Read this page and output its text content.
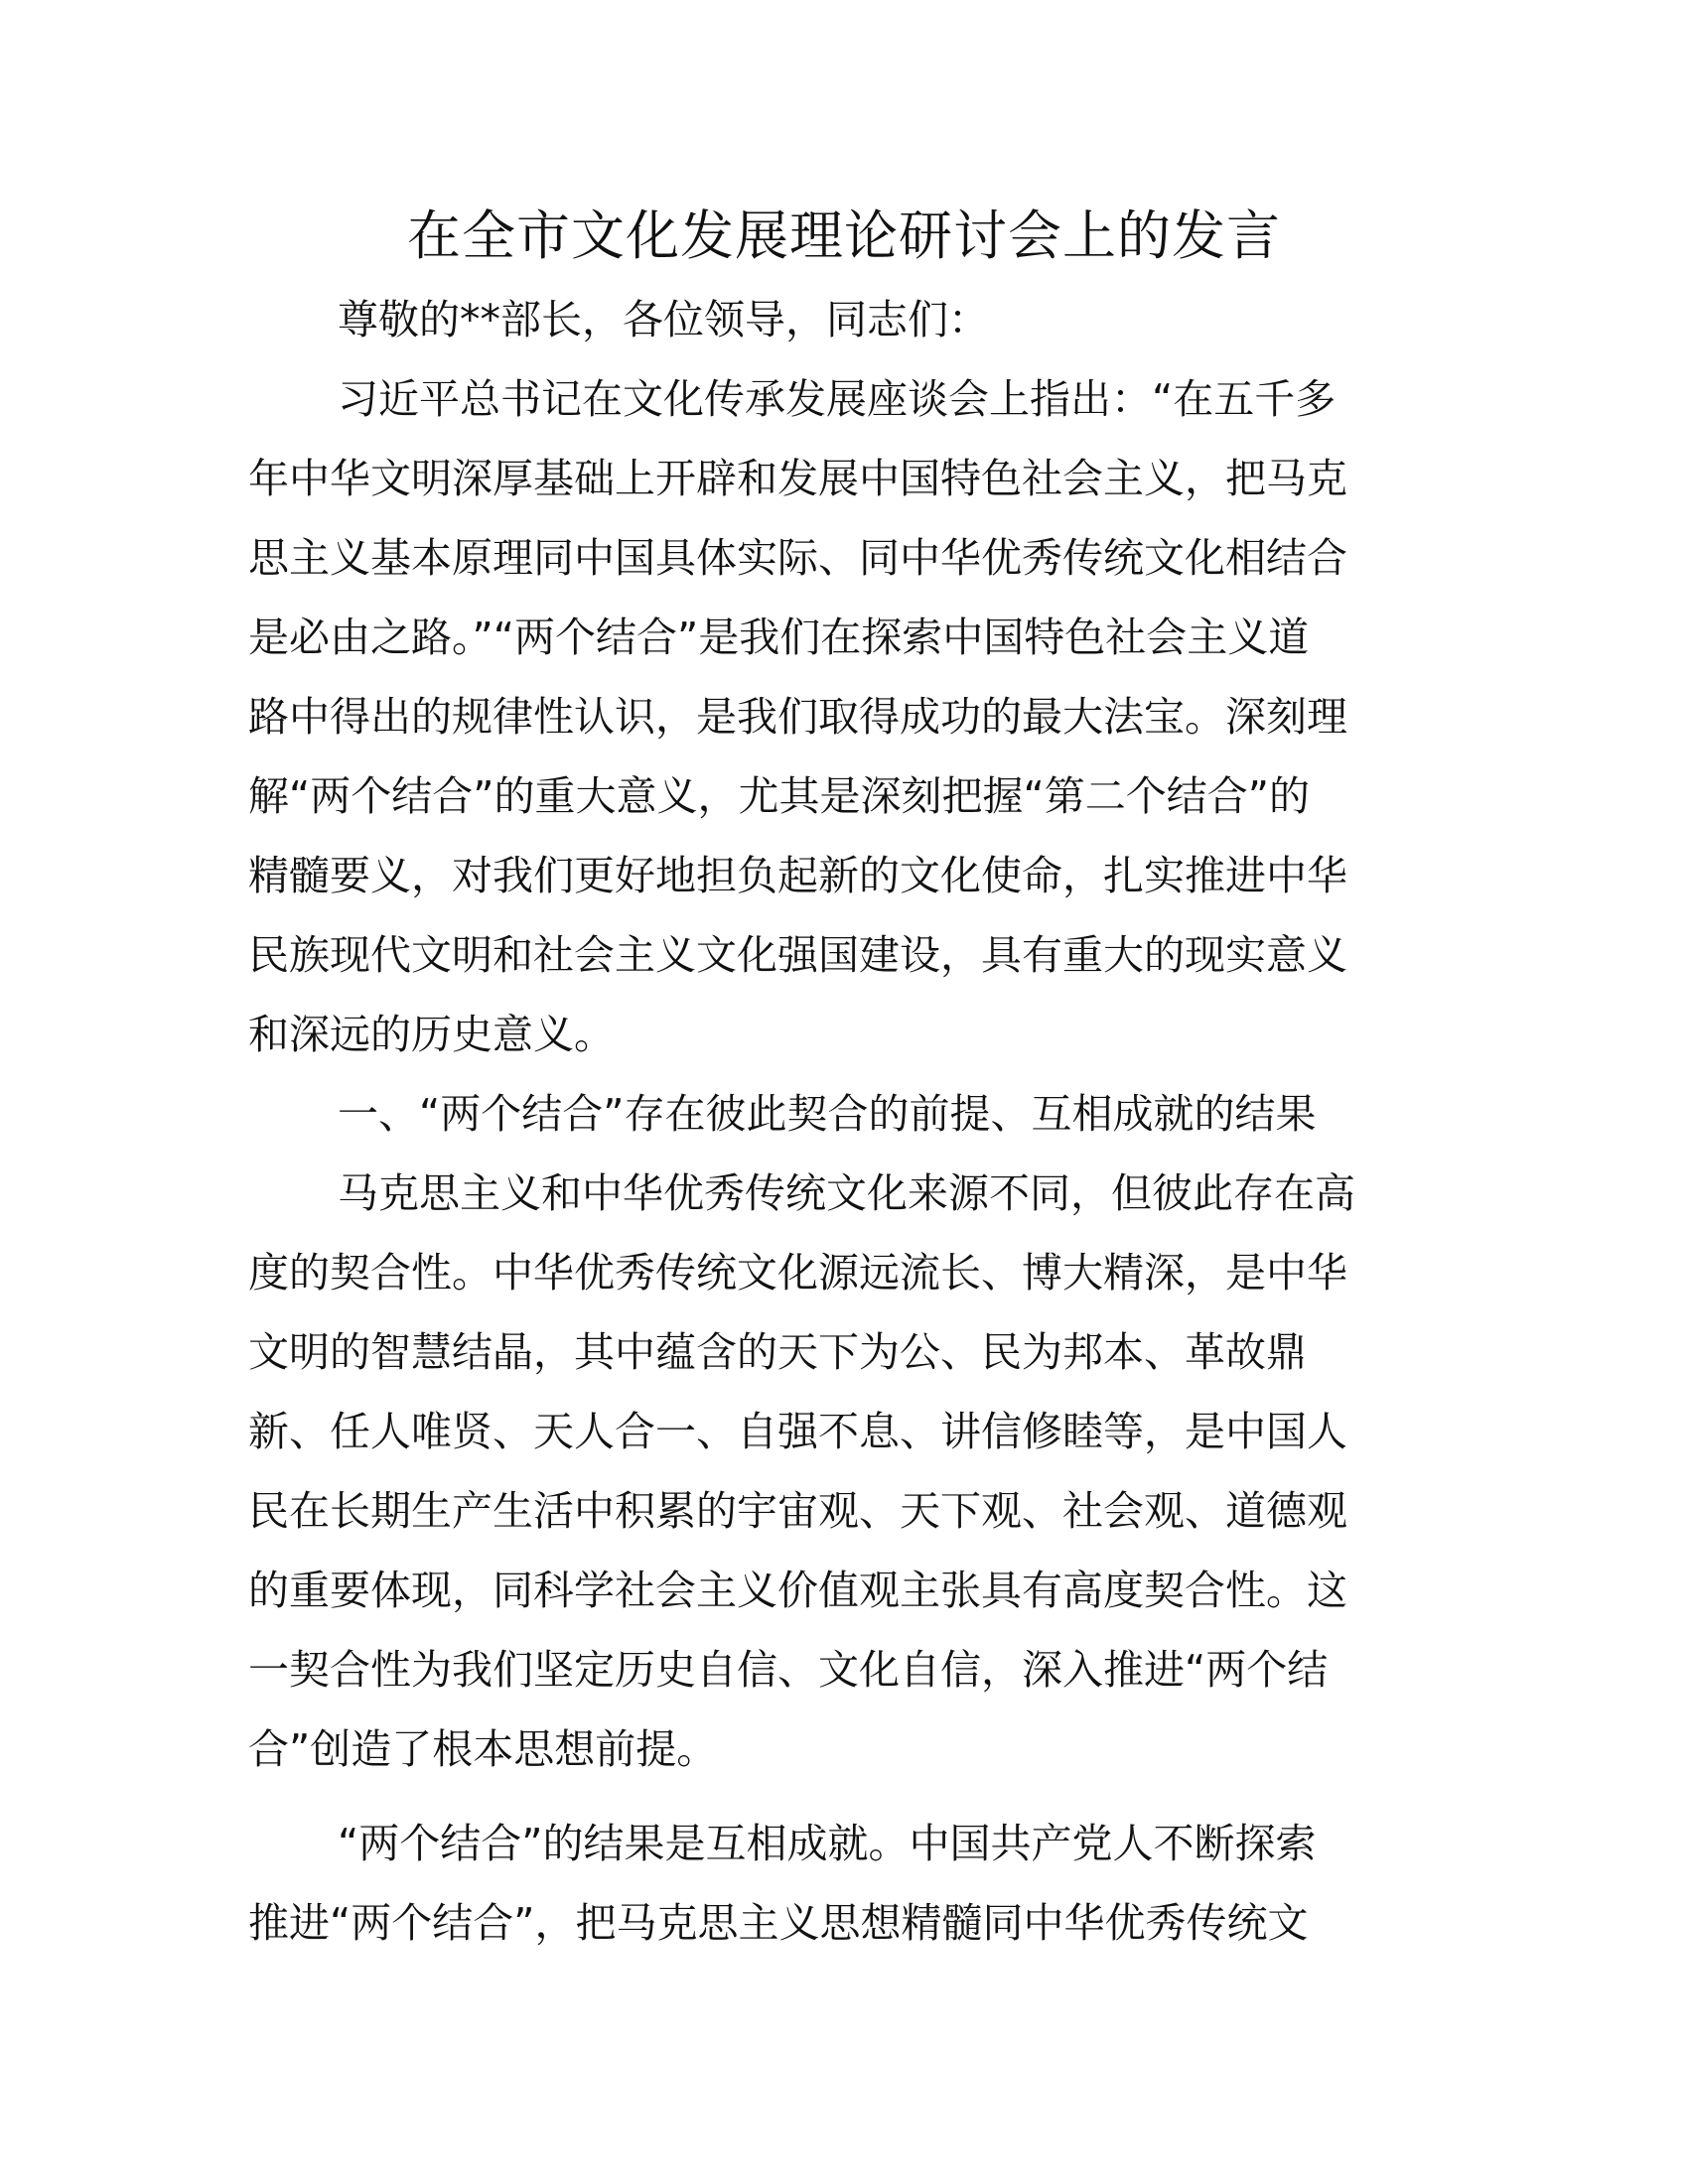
在全市文化发展理论研讨会上的发言

尊敬的**部长，各位领导，同志们：

习近平总书记在文化传承发展座谈会上指出：“在五千多
年中华文明深厚基础上开辟和发展中国特色社会主义，把马克
思主义基本原理同中国具体实际、同中华优秀传统文化相结合
是必由之路。”“两个结合”是我们在探索中国特色社会主义道
路中得出的规律性认识，是我们取得成功的最大法宝。深刻理
解“两个结合”的重大意义，尤其是深刻把握“第二个结合”的
精髓要义，对我们更好地担负起新的文化使命，扎实推进中华
民族现代文明和社会主义文化强国建设，具有重大的现实意义
和深远的历史意义。

一、“两个结合”存在彼此契合的前提、互相成就的结果

马克思主义和中华优秀传统文化来源不同，但彼此存在高
度的契合性。中华优秀传统文化源远流长、博大精深，是中华
文明的智慧结晶，其中蕴含的天下为公、民为邦本、革故鼎
新、任人唯贤、天人合一、自强不息、讲信修睦等，是中国人
民在长期生产生活中积累的宇宙观、天下观、社会观、道德观
的重要体现，同科学社会主义价值观主张具有高度契合性。这
一契合性为我们坚定历史自信、文化自信，深入推进“两个结
合”创造了根本思想前提。

“两个结合”的结果是互相成就。中国共产党人不断探索
推进“两个结合”，把马克思主义思想精髓同中华优秀传统文
